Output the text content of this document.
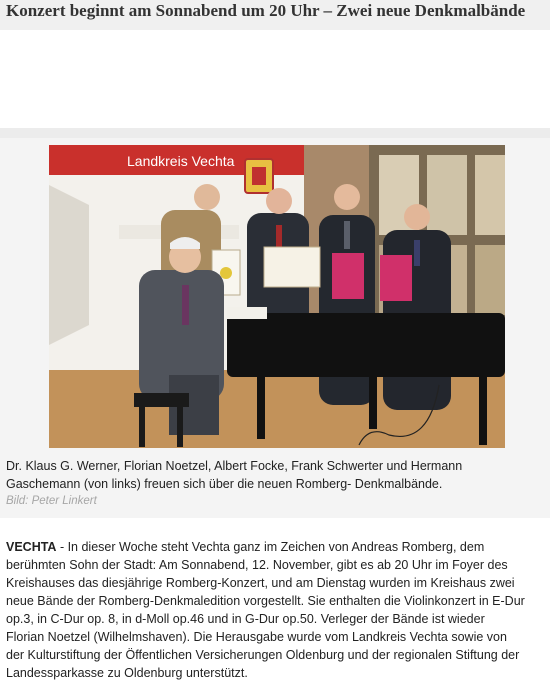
Konzert beginnt am Sonnabend um 20 Uhr – Zwei neue Denkmalbände
Landkreis Vechta

Dr. Klaus G. Werner, Florian Noetzel, Albert Focke, Frank Schwerter und Hermann Gaschemann (von links) freuen sich über die neuen Romberg- Denkmalbände.

Bild: Peter Linkert

VECHTA - In dieser Woche steht Vechta ganz im Zeichen von Andreas Romberg, dem berühmten Sohn der Stadt: Am Sonnabend, 12. November, gibt es ab 20 Uhr im Foyer des Kreishauses das diesjährige Romberg-Konzert, und am Dienstag wurden im Kreishaus zwei neue Bände der Romberg-Denkmaledition vorgestellt. Sie enthalten die Violinkonzert in E-Dur op.3, in C-Dur op. 8, in d-Moll op.46 und in G-Dur op.50. Verleger der Bände ist wieder Florian Noetzel (Wilhelmshaven). Die Herausgabe wurde vom Landkreis Vechta sowie von der Kulturstiftung der Öffentlichen Versicherungen Oldenburg und der regionalen Stiftung der Landessparkasse zu Oldenburg unterstützt.
